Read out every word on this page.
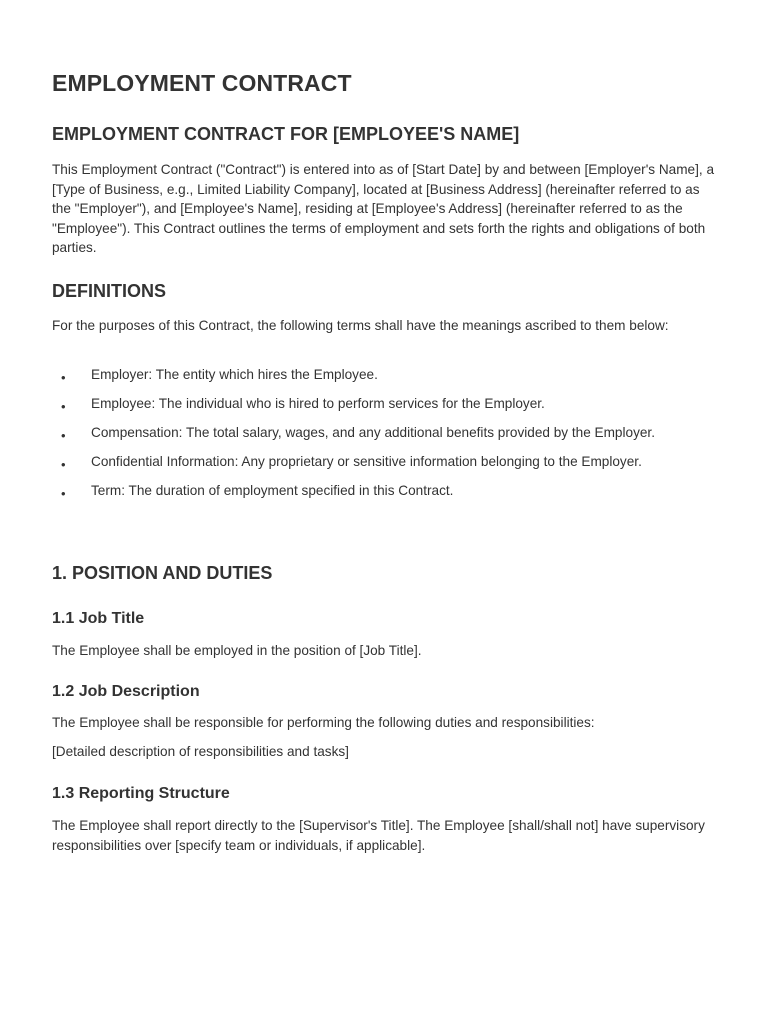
EMPLOYMENT CONTRACT
EMPLOYMENT CONTRACT FOR [EMPLOYEE'S NAME]

This Employment Contract ("Contract") is entered into as of [Start Date] by and between [Employer's Name], a [Type of Business, e.g., Limited Liability Company], located at [Business Address] (hereinafter referred to as the "Employer"), and [Employee's Name], residing at [Employee's Address] (hereinafter referred to as the "Employee"). This Contract outlines the terms of employment and sets forth the rights and obligations of both parties.

DEFINITIONS

For the purposes of this Contract, the following terms shall have the meanings ascribed to them below:

• Employer: The entity which hires the Employee.
• Employee: The individual who is hired to perform services for the Employer.
• Compensation: The total salary, wages, and any additional benefits provided by the Employer.
• Confidential Information: Any proprietary or sensitive information belonging to the Employer.
• Term: The duration of employment specified in this Contract.
1. POSITION AND DUTIES
1.1 Job Title

The Employee shall be employed in the position of [Job Title].

1.2 Job Description

The Employee shall be responsible for performing the following duties and responsibilities:

[Detailed description of responsibilities and tasks]

1.3 Reporting Structure

The Employee shall report directly to the [Supervisor's Title]. The Employee [shall/shall not] have supervisory responsibilities over [specify team or individuals, if applicable].
